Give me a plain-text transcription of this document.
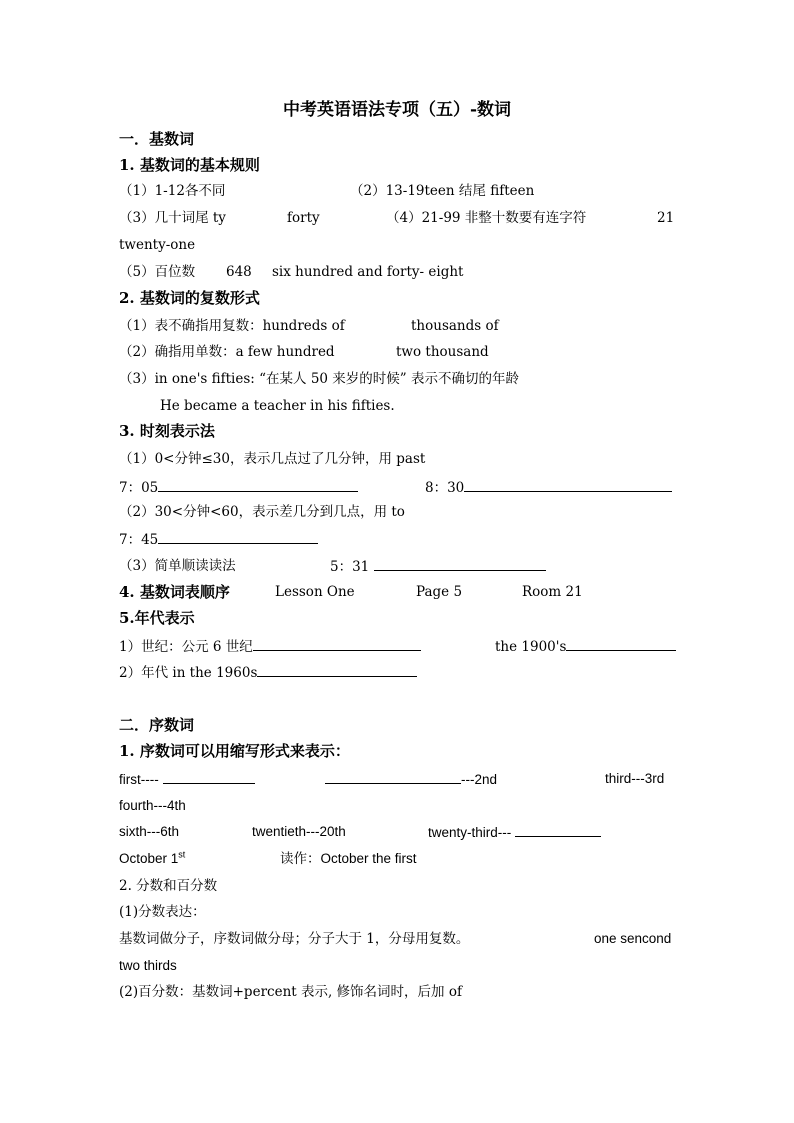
中考英语语法专项（五）-数词
一．基数词
1. 基数词的基本规则
（1）1-12各不同	（2）13-19teen 结尾 fifteen
（3）几十词尾 ty	forty	（4）21-99 非整十数要有连字符	21
twenty-one
（5）百位数 648 six hundred and forty- eight
2. 基数词的复数形式
（1）表不确指用复数：hundreds of	thousands of
（2）确指用单数：a few hundred	two thousand
（3）in one's fifties: “在某人 50 来岁的时候” 表示不确切的年龄
He became a teacher in his fifties.
3. 时刻表示法
（1）0<分钟≤30，表示几点过了几分钟，用 past
7：05	8：30
（2）30<分钟<60，表示差几分到几点，用 to
7：45
（3）简单顺读读法	5：31
4. 基数词表顺序	Lesson One	Page 5	Room 21
5.年代表示
1）世纪：公元 6 世纪	the 1900's
2）年代 in the 1960s
二．序数词
1. 序数词可以用缩写形式来表示：
first----	---2nd	third---3rd
fourth---4th
sixth---6th	twentieth---20th	twenty-third---
October 1st	读作：October the first
2. 分数和百分数
(1)分数表达：
基数词做分子，序数词做分母；分子大于 1，分母用复数。	one sencond
two thirds
(2)百分数：基数词+percent 表示, 修饰名词时，后加 of
